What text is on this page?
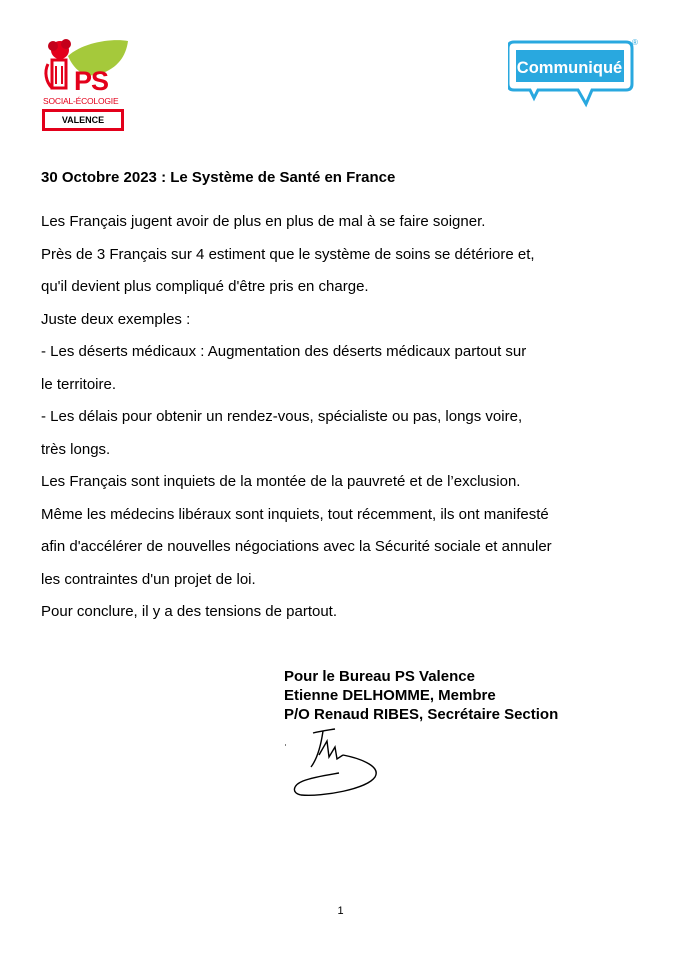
PS
SOCIAL-ÉCOLOGIE
VALENCE
Communiqué
®
30 Octobre 2023 : Le Système de Santé en France

Les Français jugent avoir de plus en plus de mal à se faire soigner.

Près de 3 Français sur 4 estiment que le système de soins se détériore et,

qu'il devient plus compliqué d'être pris en charge.

Juste deux exemples :

- Les déserts médicaux : Augmentation des déserts médicaux partout sur

le territoire.

- Les délais pour obtenir un rendez-vous, spécialiste ou pas, longs voire,

très longs.

Les Français sont inquiets de la montée de la pauvreté et de l’exclusion.

Même les médecins libéraux sont inquiets, tout récemment, ils ont manifesté

afin d'accélérer de nouvelles négociations avec la Sécurité sociale et annuler

les contraintes d'un projet de loi.

Pour conclure, il y a des tensions de partout.

Pour le Bureau PS Valence

Etienne DELHOMME, Membre

P/O Renaud RIBES, Secrétaire Section

1
